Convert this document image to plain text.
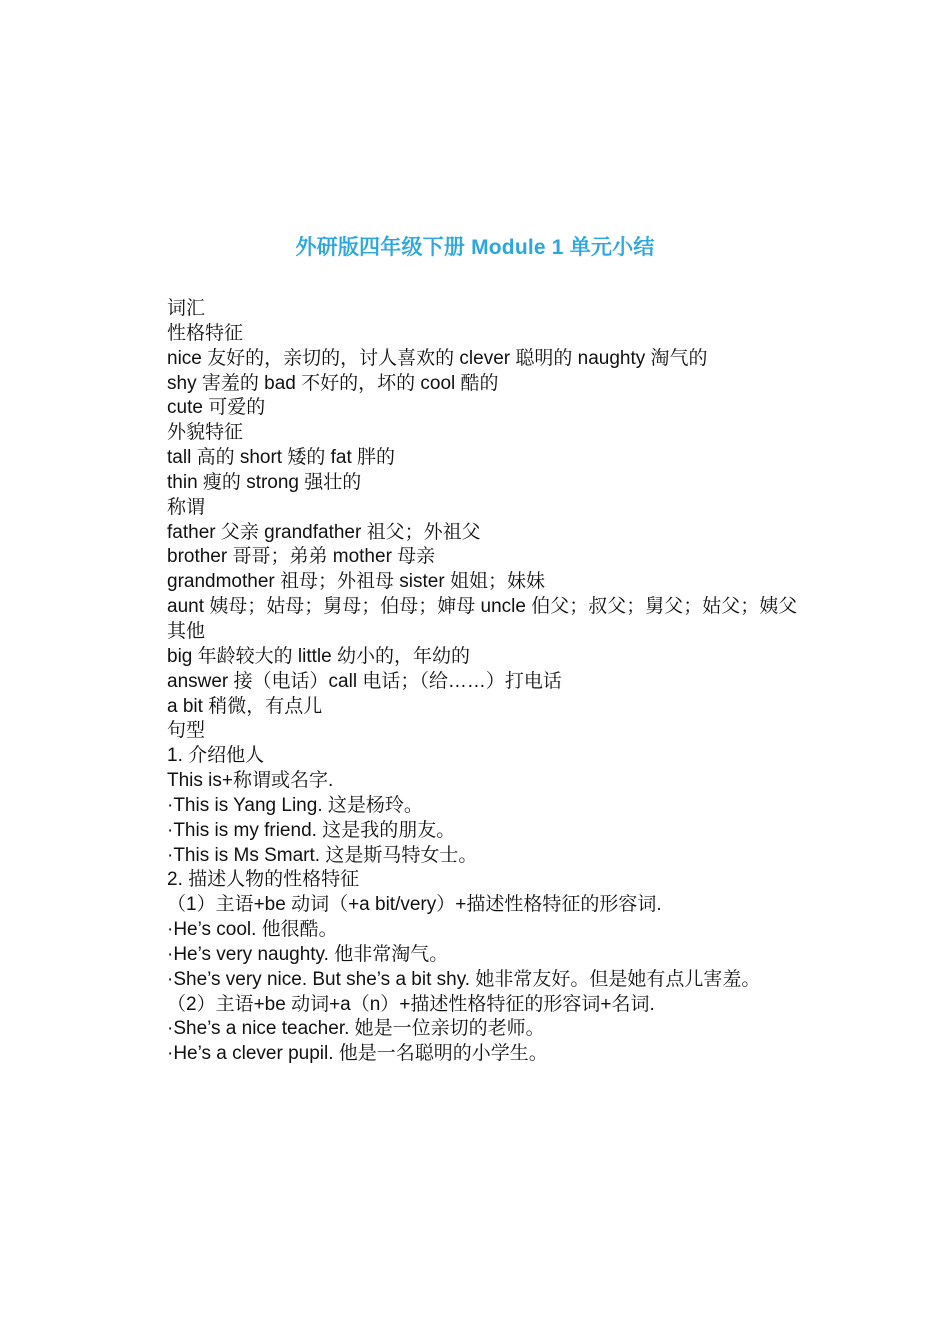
外研版四年级下册 Module 1 单元小结
词汇
性格特征
nice 友好的，亲切的，讨人喜欢的 clever 聪明的 naughty 淘气的
shy 害羞的 bad 不好的，坏的 cool 酷的
cute 可爱的
外貌特征
tall 高的 short 矮的 fat 胖的
thin 瘦的 strong 强壮的
称谓
father 父亲 grandfather 祖父；外祖父
brother 哥哥；弟弟 mother 母亲
grandmother 祖母；外祖母 sister 姐姐；妹妹
aunt 姨母；姑母；舅母；伯母；婶母 uncle 伯父；叔父；舅父；姑父；姨父
其他
big 年龄较大的 little 幼小的，年幼的
answer 接（电话）call 电话；（给……）打电话
a bit 稍微，有点儿
句型
1. 介绍他人
This is+称谓或名字.
·This is Yang Ling. 这是杨玲。
·This is my friend. 这是我的朋友。
·This is Ms Smart. 这是斯马特女士。
2. 描述人物的性格特征
（1）主语+be 动词（+a bit/very）+描述性格特征的形容词.
·He’s cool. 他很酷。
·He’s very naughty. 他非常淘气。
·She’s very nice. But she’s a bit shy. 她非常友好。但是她有点儿害羞。
（2）主语+be 动词+a（n）+描述性格特征的形容词+名词.
·She’s a nice teacher. 她是一位亲切的老师。
·He’s a clever pupil. 他是一名聪明的小学生。
